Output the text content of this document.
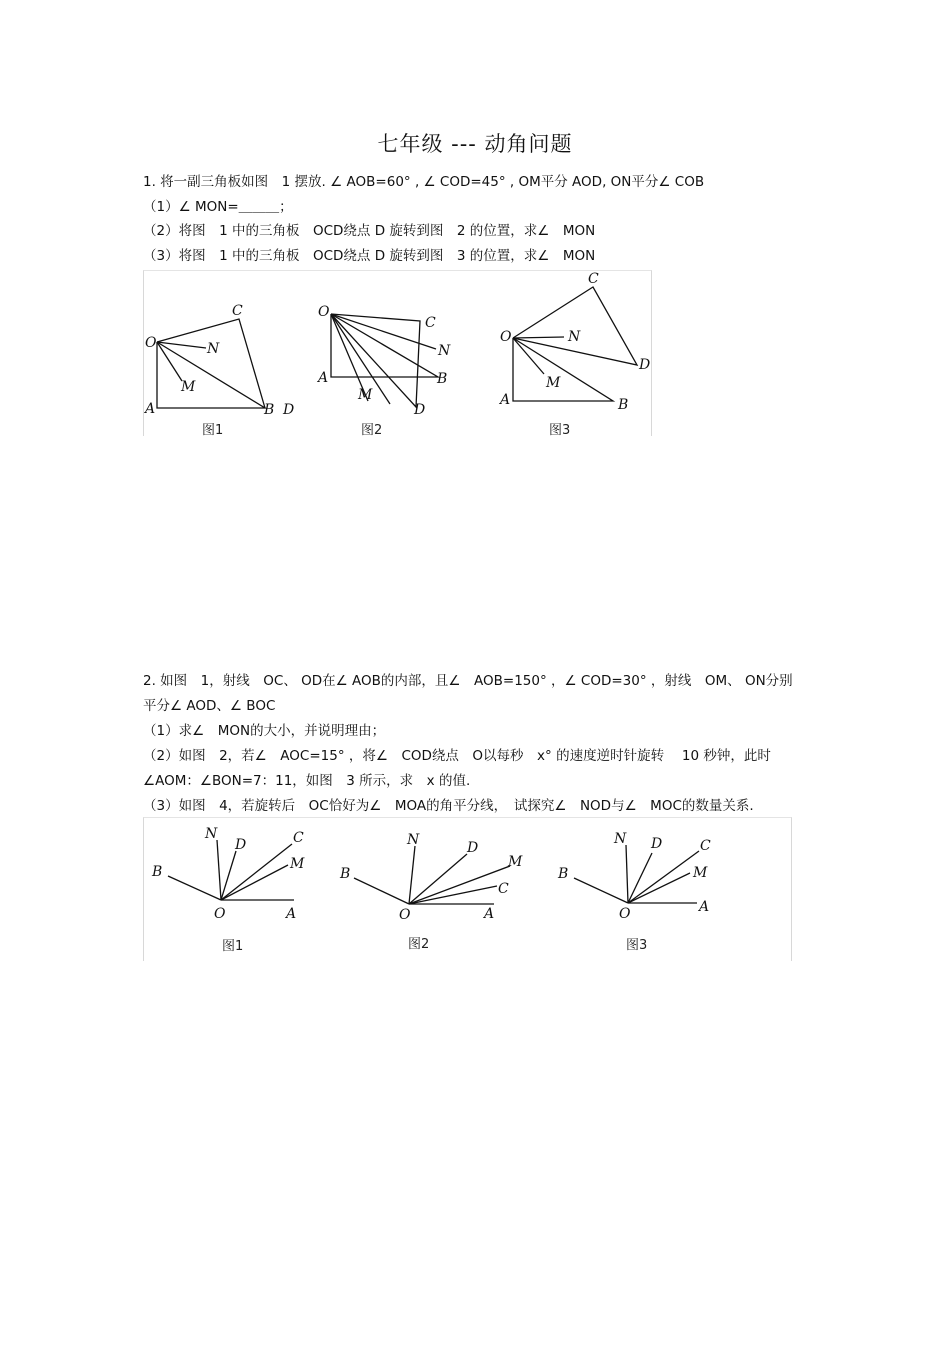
七年级 --- 动角问题
1. 将一副三角板如图　1 摆放. ∠ AOB=60° , ∠ COD=45° , OM平分 AOD, ON平分∠ COB
（1）∠ MON=＿＿＿；
（2）将图　1 中的三角板　OCD绕点 D 旋转到图　2 的位置，求∠　MON
（3）将图　1 中的三角板　OCD绕点 D 旋转到图　3 的位置，求∠　MON
O
C
N
M
A	B D
图1
O
C
N
A
M
B
D
图2
C
O	N
D
M
A	B
图3
2. 如图　1，射线　OC、 OD在∠ AOB的内部，且∠　AOB=150° ，∠ COD=30° ，射线　OM、 ON分别
平分∠ AOD、∠ BOC
（1）求∠　MON的大小，并说明理由；
（2）如图　2，若∠　AOC=15° ，将∠　COD绕点　O以每秒　x° 的速度逆时针旋转　 10 秒钟，此时
∠AOM：∠BON=7：11，如图　3 所示，求　x 的值.
（3）如图　4，若旋转后　OC恰好为∠　MOA的角平分线，　试探究∠　NOD与∠　MOC的数量关系.
N
D	C
M
B
O	A
图1
N	D
M
C
B
O	A
图2
N D	C
M
B
O	A
图3
